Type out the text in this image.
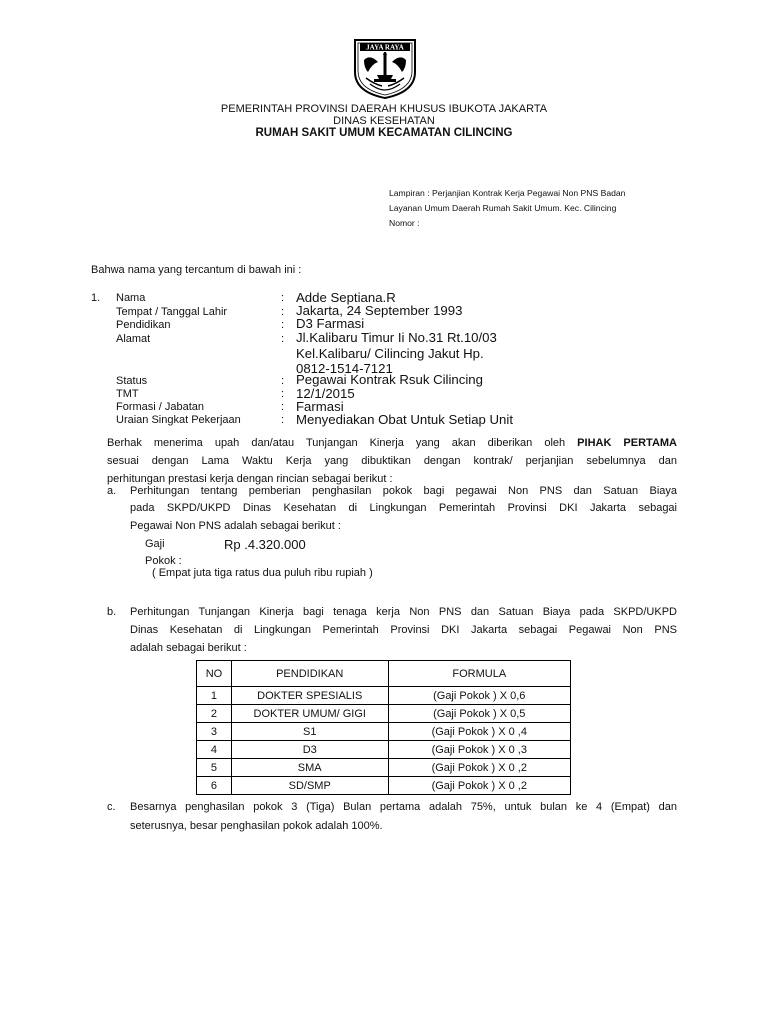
JAYA RAYA
PEMERINTAH PROVINSI DAERAH KHUSUS IBUKOTA JAKARTA
DINAS KESEHATAN
RUMAH SAKIT UMUM KECAMATAN CILINCING
Lampiran : Perjanjian Kontrak Kerja Pegawai Non PNS Badan
Layanan Umum Daerah Rumah Sakit Umum. Kec. Cilincing
Nomor :
Bahwa nama yang tercantum di bawah ini :
1. Nama	: Adde Septiana.R
Tempat / Tanggal Lahir	: Jakarta, 24 September 1993
Pendidikan	: D3 Farmasi
Alamat	: Jl.Kalibaru Timur Ii No.31 Rt.10/03
Kel.Kalibaru/ Cilincing Jakut Hp.
0812-1514-7121
Status	: Pegawai Kontrak Rsuk Cilincing
TMT	: 12/1/2015
Formasi / Jabatan	: Farmasi
Uraian Singkat Pekerjaan	: Menyediakan Obat Untuk Setiap Unit
Berhak menerima upah dan/atau Tunjangan Kinerja yang akan diberikan oleh PIHAK PERTAMA
sesuai dengan Lama Waktu Kerja yang dibuktikan dengan kontrak/ perjanjian sebelumnya dan
perhitungan prestasi kerja dengan rincian sebagai berikut :
a. Perhitungan tentang pemberian penghasilan pokok bagi pegawai Non PNS dan Satuan Biaya
pada SKPD/UKPD Dinas Kesehatan di Lingkungan Pemerintah Provinsi DKI Jakarta sebagai
Pegawai Non PNS adalah sebagai berikut :
Gaji	Rp .4.320.000
Pokok :
( Empat juta tiga ratus dua puluh ribu rupiah )
b. Perhitungan Tunjangan Kinerja bagi tenaga kerja Non PNS dan Satuan Biaya pada SKPD/UKPD
Dinas Kesehatan di Lingkungan Pemerintah Provinsi DKI Jakarta sebagai Pegawai Non PNS
adalah sebagai berikut :
NO	PENDIDIKAN	FORMULA
1	DOKTER SPESIALIS	(Gaji Pokok ) X 0,6
2	DOKTER UMUM/ GIGI	(Gaji Pokok ) X 0,5
3	S1	(Gaji Pokok ) X 0 ,4
4	D3	(Gaji Pokok ) X 0 ,3
5	SMA	(Gaji Pokok ) X 0 ,2
6	SD/SMP	(Gaji Pokok ) X 0 ,2
c. Besarnya penghasilan pokok 3 (Tiga) Bulan pertama adalah 75%, untuk bulan ke 4 (Empat) dan
seterusnya, besar penghasilan pokok adalah 100%.
